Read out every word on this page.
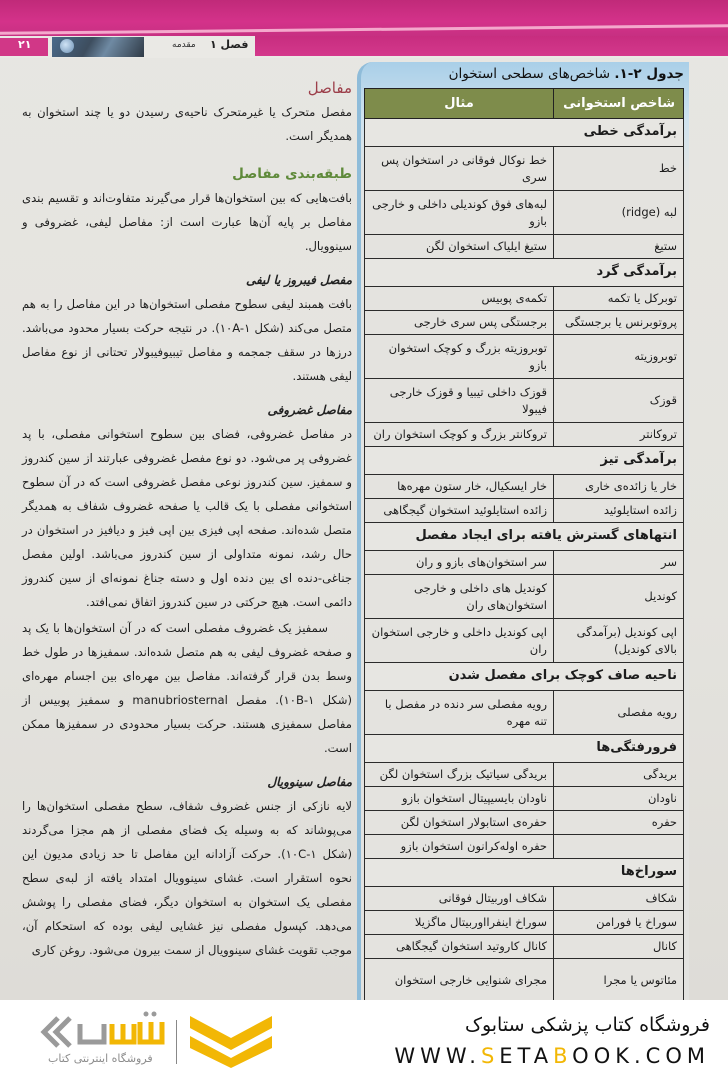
۲۱	فصل ۱
مقدمه
جدول ۲-۱. شاخص‌های سطحی استخوان
شاخص استخوانی	مثال
برآمدگی خطی	
خط	خط نوکال فوقانی در استخوان پس سری
لبه (ridge)	لبه‌های فوق کوندیلی داخلی و خارجی بازو
ستیغ	ستیغ ایلیاک استخوان لگن
برآمدگی گرد	
توبرکل یا تکمه	تکمه‌ی پوبیس
پروتوبرنس یا برجستگی	برجستگی پس سری خارجی
توبروزیته	توبروزیته بزرگ و کوچک استخوان بازو
قوزک	قوزک داخلی تیبیا و قوزک خارجی فیبولا
تروکانتر	تروکانتر بزرگ و کوچک استخوان ران
برآمدگی تیز	
خار یا زائده‌ی خاری	خار ایسکیال، خار ستون مهره‌ها
زائده استایلوئید	زائده استایلوئید استخوان گیجگاهی
انتهاهای گسترش یافته برای ایجاد مفصل	
سر	سر استخوان‌های بازو و ران
کوندیل	کوندیل های داخلی و خارجی استخوان‌های ران
اپی کوندیل (برآمدگی بالای کوندیل)	اپی کوندیل داخلی و خارجی استخوان ران
ناحیه صاف کوچک برای مفصل شدن	
رویه مفصلی	رویه مفصلی سر دنده در مفصل با تنه مهره
فرورفتگی‌ها	
بریدگی	بریدگی سیاتیک بزرگ استخوان لگن
ناودان	ناودان بایسیپیتال استخوان بازو
حفره	حفره‌ی استابولار استخوان لگن
	حفره اوله‌کرانون استخوان بازو
سوراخ‌ها	
شکاف	شکاف اوربیتال فوقانی
سوراخ یا فورامن	سوراخ اینفرااوربیتال ماگزیلا
کانال	کانال کاروتید استخوان گیجگاهی
مئاتوس یا مجرا	مجرای شنوایی خارجی استخوان
مفاصل

مفصل متحرک یا غیرمتحرک ناحیه‌ی رسیدن دو یا چند استخوان به همدیگر است.

طبقه‌بندی مفاصل

بافت‌هایی که بین استخوان‌ها قرار می‌گیرند متفاوت‌اند و تقسیم بندی مفاصل بر پایه آن‌ها عبارت است از: مفاصل لیفی، غضروفی و سینوویال.

مفصل فیبروز یا لیفی

بافت همبند لیفی سطوح مفصلی استخوان‌ها در این مفاصل را به هم متصل می‌کند (شکل ۱۰A-۱). در نتیجه حرکت بسیار محدود می‌باشد. درزها در سقف جمجمه و مفاصل تیبیوفیبولار تحتانی از نوع مفاصل لیفی هستند.

مفاصل غضروفی

در مفاصل غضروفی، فضای بین سطوح استخوانی مفصلی، با پد غضروفی پر می‌شود. دو نوع مفصل غضروفی عبارتند از سین کندروز و سمفیز. سین کندروز نوعی مفصل غضروفی است که در آن سطوح استخوانی مفصلی با یک قالب یا صفحه غضروف شفاف به همدیگر متصل شده‌اند. صفحه اپی فیزی بین اپی فیز و دیافیز در استخوان در حال رشد، نمونه متداولی از سین کندروز می‌باشد. اولین مفصل جناغی-دنده ای بین دنده اول و دسته جناغ نمونه‌ای از سین کندروز دائمی است. هیچ حرکتی در سین کندروز اتفاق نمی‌افتد.

سمفیز یک غضروف مفصلی است که در آن استخوان‌ها با یک پد و صفحه غضروف لیفی به هم متصل شده‌اند. سمفیزها در طول خط وسط بدن قرار گرفته‌اند. مفاصل بین مهره‌ای بین اجسام مهره‌ای (شکل ۱۰B-۱). مفصل manubriosternal و سمفیز پوبیس از مفاصل سمفیزی هستند. حرکت بسیار محدودی در سمفیزها ممکن است.

مفاصل سینوویال

لایه نازکی از جنس غضروف شفاف، سطح مفصلی استخوان‌ها را می‌پوشاند که به وسیله یک فضای مفصلی از هم مجزا می‌گردند (شکل ۱۰C-۱). حرکت آزادانه این مفاصل تا حد زیادی مدیون این نحوه استقرار است. غشای سینوویال امتداد یافته از لبه‌ی سطح مفصلی یک استخوان به استخوان دیگر، فضای مفصلی را پوشش می‌دهد. کپسول مفصلی نیز غشایی لیفی بوده که استحکام آن، موجب تقویت غشای سینوویال از سمت بیرون می‌شود. روغن کاری

فروشگاه کتاب پزشکی ستابوک
WWW.SETABOOK.COM
فروشگاه اینترنتی کتاب
